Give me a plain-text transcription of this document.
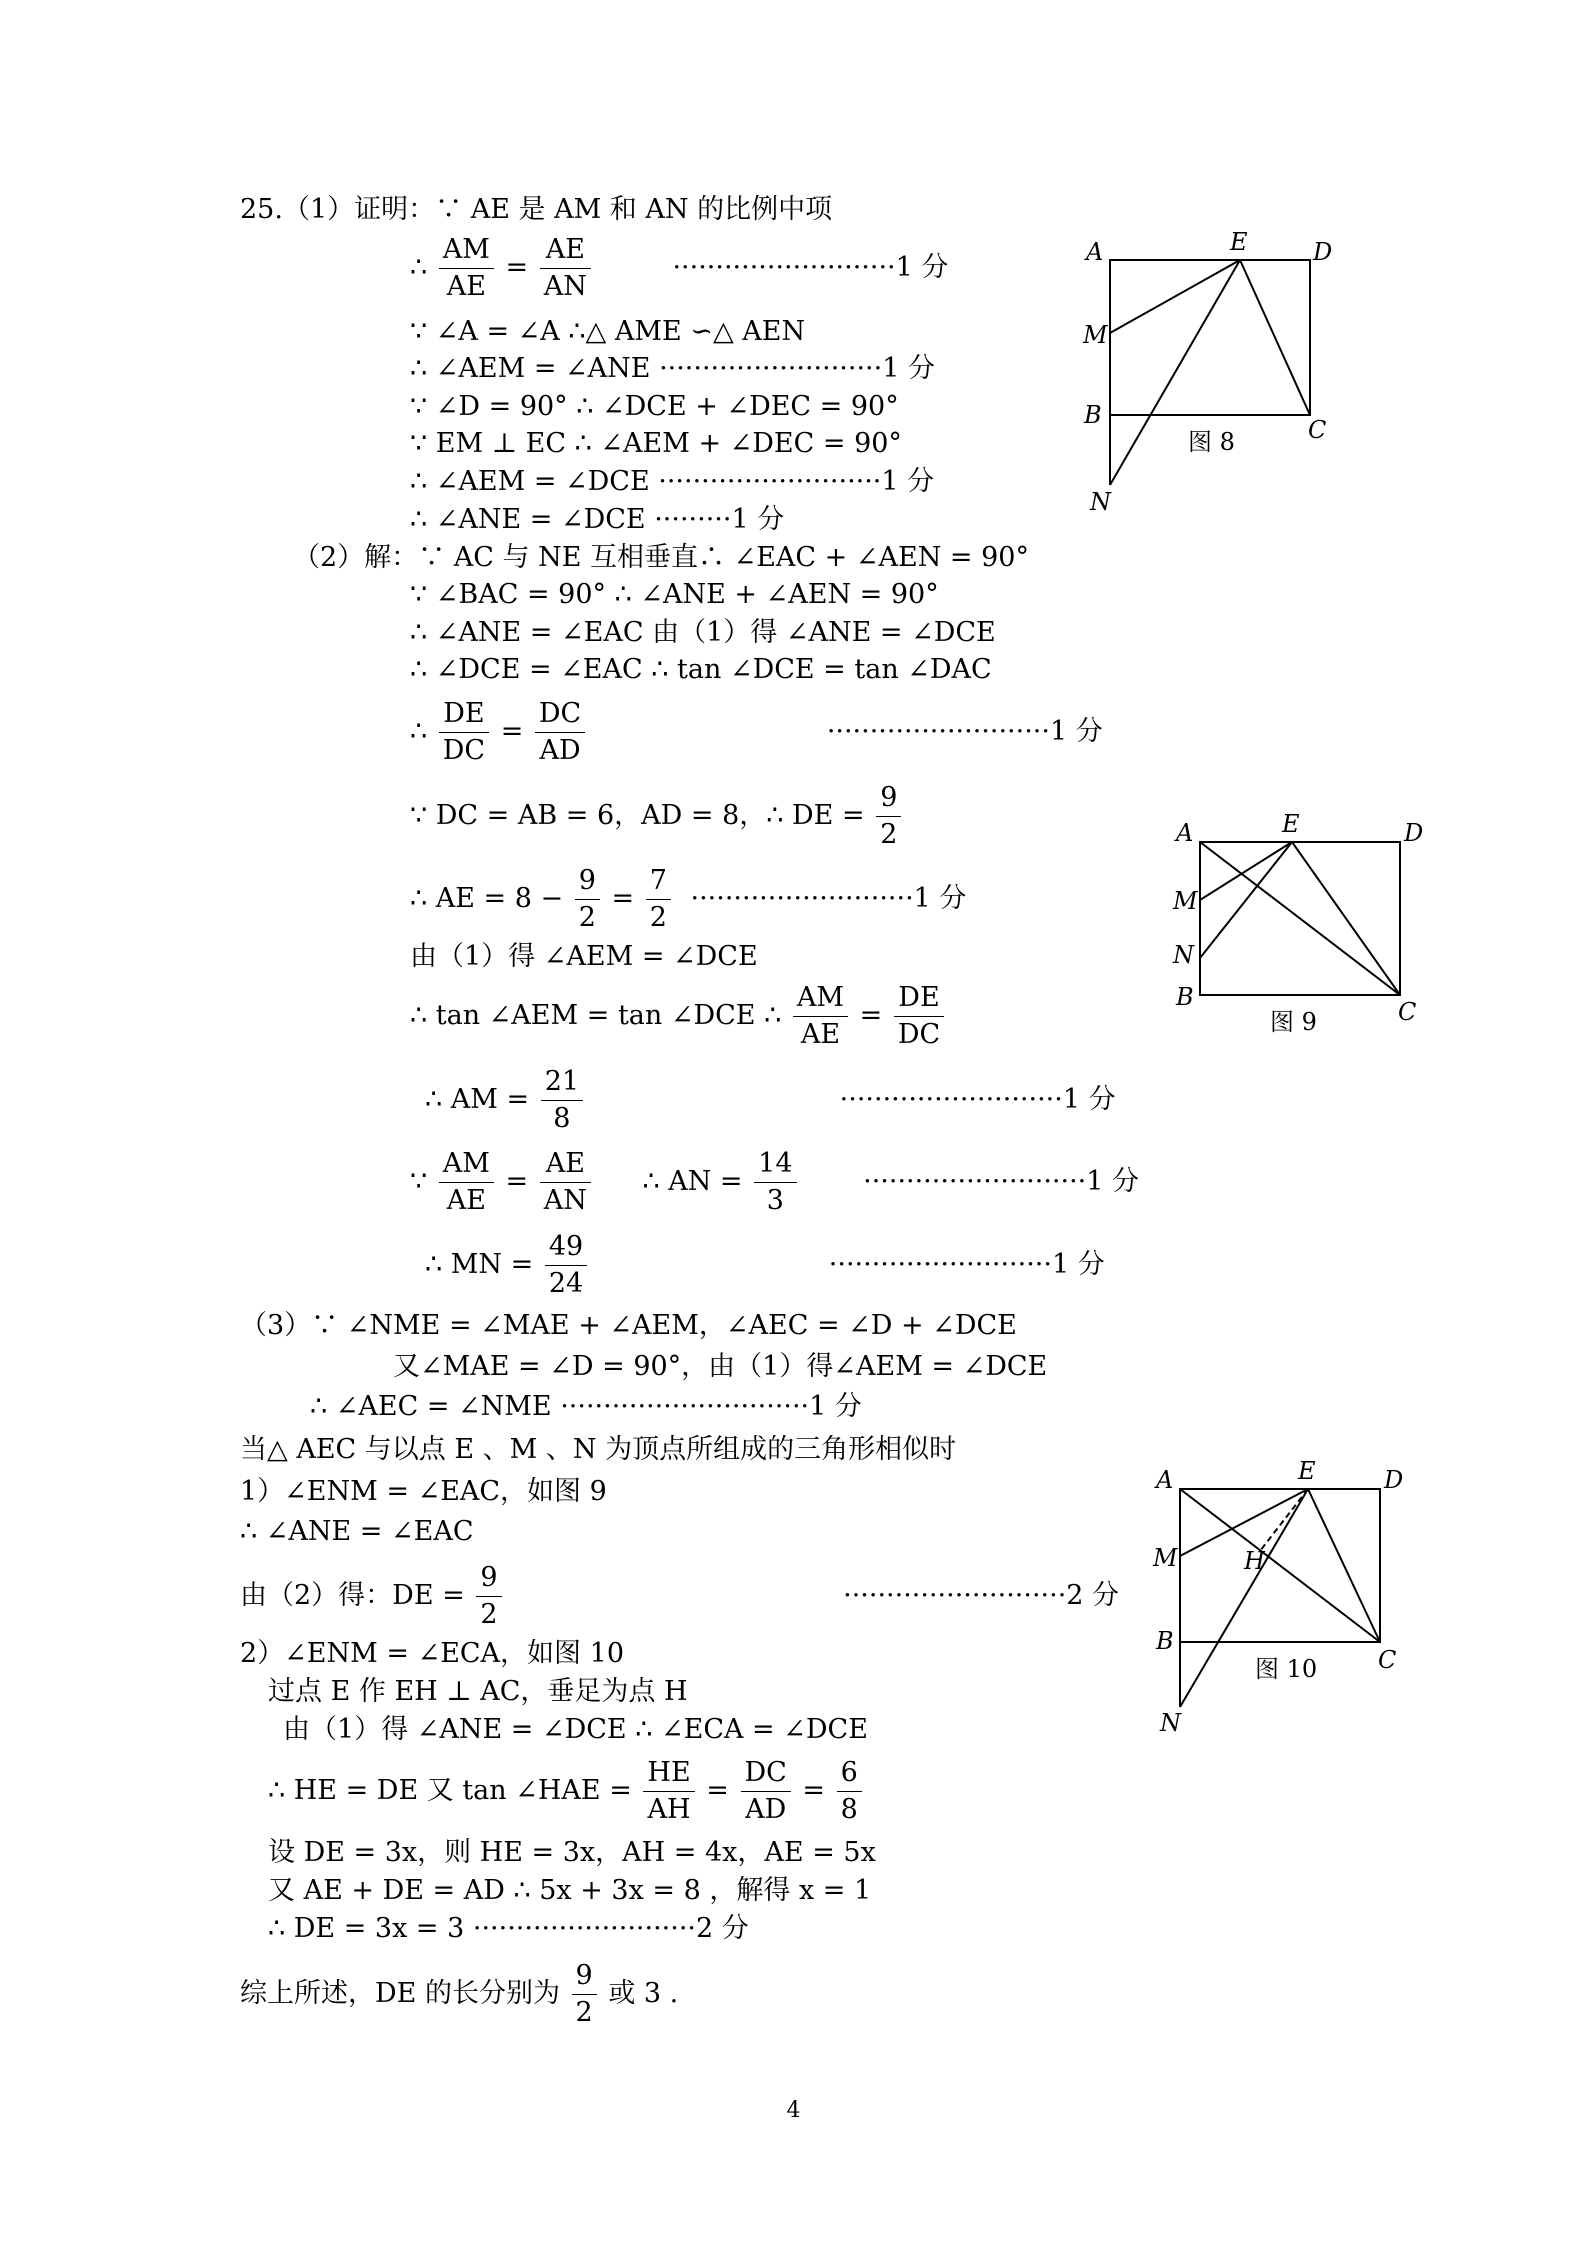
25.（1）证明：∵ AE 是 AM 和 AN 的比例中项
∴ $\frac{AM}{AE} = \frac{AE}{AN}$	··························1 分
∵ ∠A = ∠A ∴△ AME ∽△ AEN
∴ ∠AEM = ∠ANE ··························1 分
∵ ∠D = 90° ∴ ∠DCE + ∠DEC = 90°
∵ EM ⊥ EC ∴ ∠AEM + ∠DEC = 90°
∴ ∠AEM = ∠DCE ··························1 分
∴ ∠ANE = ∠DCE ·········1 分
（2）解：∵ AC 与 NE 互相垂直∴ ∠EAC + ∠AEN = 90°
∵ ∠BAC = 90° ∴ ∠ANE + ∠AEN = 90°
∴ ∠ANE = ∠EAC 由（1）得 ∠ANE = ∠DCE
∴ ∠DCE = ∠EAC ∴ tan ∠DCE = tan ∠DAC
∴ $\frac{DE}{DC} = \frac{DC}{AD}$	··························1 分
∵ DC = AB = 6，AD = 8，∴ DE = $\frac{9}{2}$
∴ AE = $8 - \frac{9}{2} = \frac{7}{2} \cdot\cdot\cdot\cdot\cdot\cdot\cdot\cdot\cdot\cdot\cdot\cdot\cdot\cdot\cdot\cdot\cdot\cdot\cdot\cdot\cdot\cdot\cdot\cdot\cdot\cdot 1$ 分
由（1）得 ∠AEM = ∠DCE
∴ tan ∠AEM = tan ∠DCE ∴ $\frac{AM}{AE} = \frac{DE}{DC}$
∴ AM = $\frac{21}{8}$	··························1 分
∵ $\frac{AM}{AE} = \frac{AE}{AN}$ ∴ AN = $\frac{14}{3} \cdot\cdot\cdot\cdot\cdot\cdot\cdot\cdot\cdot\cdot\cdot\cdot\cdot\cdot\cdot\cdot\cdot\cdot\cdot\cdot\cdot\cdot\cdot\cdot\cdot\cdot 1$ 分
∴ MN = $\frac{49}{24}$	··························1 分
（3）∵ ∠NME = ∠MAE + ∠AEM，∠AEC = ∠D + ∠DCE
又∠MAE = ∠D = 90°，由（1）得∠AEM = ∠DCE
∴ ∠AEC = ∠NME ·····························1 分
当△ AEC 与以点 E 、M 、N 为顶点所组成的三角形相似时
1）∠ENM = ∠EAC，如图 9
∴ ∠ANE = ∠EAC
由（2）得：DE = $\frac{9}{2}$	··························2 分
2）∠ENM = ∠ECA，如图 10
过点 E 作 EH ⊥ AC，垂足为点 H
由（1）得 ∠ANE = ∠DCE ∴ ∠ECA = ∠DCE
∴ HE = DE 又 tan ∠HAE = $\frac{HE}{AH} = \frac{DC}{AD} = \frac{6}{8}$
设 DE = 3x，则 HE = 3x，AH = 4x，AE = 5x
又 AE + DE = AD ∴ 5x + 3x = 8 ，解得 x = 1
∴ DE = 3x = 3 ··························2 分
综上所述，DE 的长分别为 $\frac{9}{2}$ 或 3 .
A	E	D
M
B
C
N
图 8
A	E	D
M
N
B
C
图 9
A	E	D
M	H
B
C
N
图 10
4
